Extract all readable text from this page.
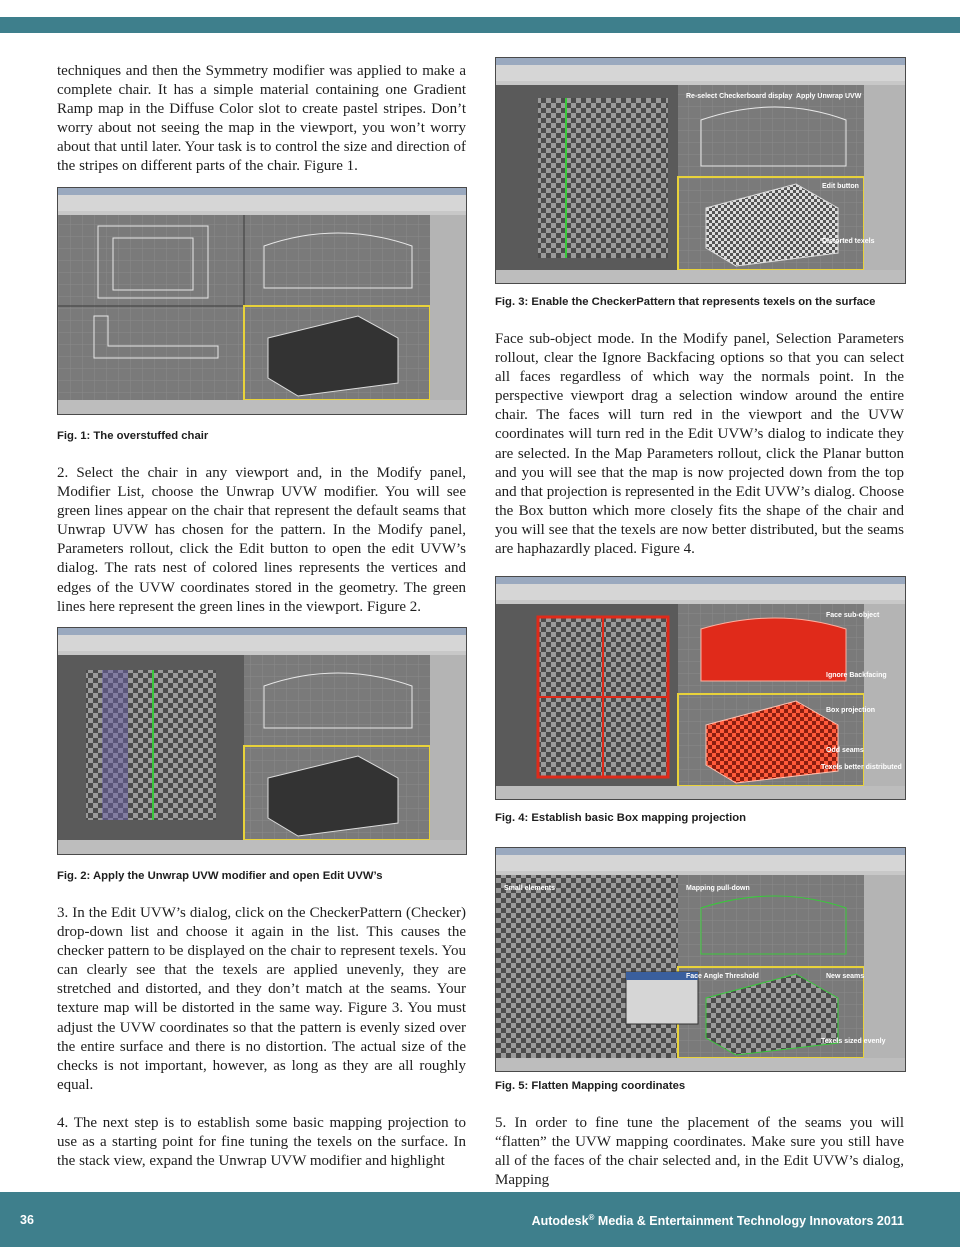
techniques and then the Symmetry modifier was applied to make a complete chair. It has a simple material containing one Gradient Ramp map in the Diffuse Color slot to create pastel stripes. Don’t worry about not seeing the map in the viewport, you won’t worry about that until later. Your task is to control the size and direction of the stripes on different parts of the chair. Figure 1.

Fig. 1: The overstuffed chair

2. Select the chair in any viewport and, in the Modify panel, Modifier List, choose the Unwrap UVW modifier. You will see green lines appear on the chair that represent the default seams that Unwrap UVW has chosen for the pattern. In the Modify panel, Parameters rollout, click the Edit button to open the edit UVW’s dialog. The rats nest of colored lines represents the vertices and edges of the UVW coordinates stored in the geometry. The green lines here represent the green lines in the viewport. Figure 2.

Fig. 2: Apply the Unwrap UVW modifier and open Edit UVW’s

3. In the Edit UVW’s dialog, click on the CheckerPattern (Checker) drop-down list and choose it again in the list. This causes the checker pattern to be displayed on the chair to represent texels. You can clearly see that the texels are applied unevenly, they are stretched and distorted, and they don’t match at the seams. Your texture map will be distorted in the same way. Figure 3. You must adjust the UVW coordinates so that the pattern is evenly sized over the entire surface and there is no distortion. The actual size of the checks is not important, however, as long as they are all roughly equal.

4. The next step is to establish some basic mapping projection to use as a starting point for fine tuning the texels on the surface. In the stack view, expand the Unwrap UVW modifier and highlight

Re-select Checkerboard display Apply Unwrap UVW
Edit button
Distorted texels

Fig. 3: Enable the CheckerPattern that represents texels on the surface

Face sub-object mode. In the Modify panel, Selection Parameters rollout, clear the Ignore Backfacing options so that you can select all faces regardless of which way the normals point. In the perspective viewport drag a selection window around the entire chair. The faces will turn red in the viewport and the UVW coordinates will turn red in the Edit UVW’s dialog to indicate they are selected. In the Map Parameters rollout, click the Planar button and you will see that the map is now projected down from the top and that projection is represented in the Edit UVW’s dialog. Choose the Box button which more closely fits the shape of the chair and you will see that the texels are now better distributed, but the seams are haphazardly placed. Figure 4.

Face sub-object
Ignore Backfacing
Box projection
Odd seams
Texels better distributed

Fig. 4: Establish basic Box mapping projection

Small elements	Mapping pull-down
Face Angle Threshold	New seams
Texels sized evenly

Fig. 5: Flatten Mapping coordinates

5. In order to fine tune the placement of the seams you will “flatten” the UVW mapping coordinates. Make sure you still have all of the faces of the chair selected and, in the Edit UVW’s dialog, Mapping

36	Autodesk® Media & Entertainment Technology Innovators 2011
